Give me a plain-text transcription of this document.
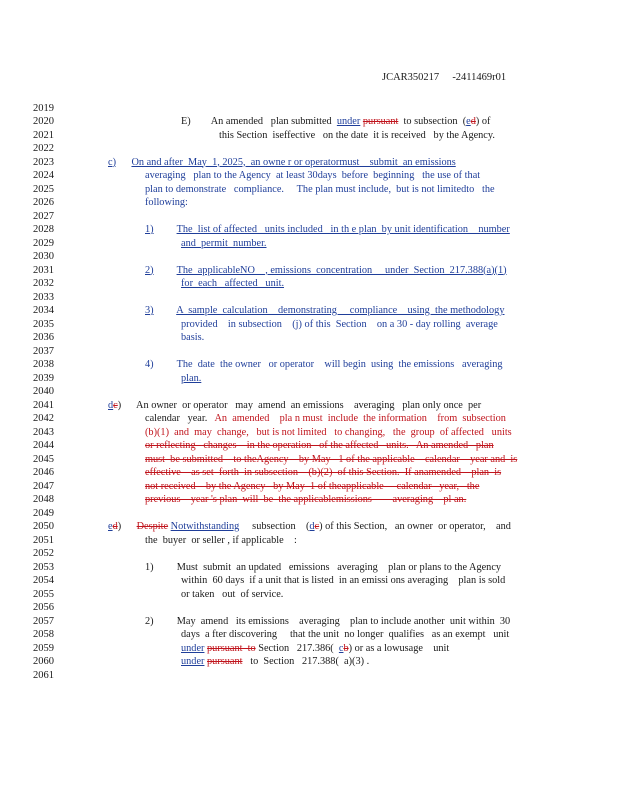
JCAR350217 -2411469r01
2019
2020
2021
2022
2023
2024
2025
2026
2027
2028
2029
2030
2031
2032
2033
2034
2035
2036
2037
2038
2039
2040
2041
2042
2043
2044
2045
2046
2047
2048
2049
2050
2051
2052
2053
2054
2055
2056
2057
2058
2059
2060
2061
E)        An amended   plan submitted  under pursuant  to subsection  (ed) of
this Section  iseffective   on the date  it is received   by the Agency.
c) On and after  May  1, 2025,  an owne r or operatormust    submit  an emissions
averaging   plan to the Agency  at least 30days  before  beginning   the use of that
plan to demonstrate   compliance.     The plan must include,  but is not limitedto   the
following:
1) The  list of affected   units included   in th e plan  by unit identification    number
and  permit  number.
2) The  applicableNO    , emissions  concentration     under  Section  217.388(a)(1)
for  each   affected   unit.
3) A  sample  calculation    demonstrating     compliance    using  the methodology
provided    in subsection    (j) of this  Section    on a 30 - day rolling  average
basis.
4) The  date  the owner   or operator    will begin  using  the emissions   averaging
plan.
dc)      An owner  or operator   may  amend  an emissions    averaging   plan only once  per
calendar   year.   An  amended    pla n must  include  the information    from  subsection
(b)(1)  and  may  change,   but is not limited   to changing,   the  group  of affected   units
or reflecting   changes    in the operation   of the affected   units.   An amended   plan
must  be submitted    to theAgency    by May   1 of the applicable    calendar    year and  is
effective    as set  forth  in subsection    (b)(2)  of this Section.  If anamended    plan  is
not received    by the Agency   by May  1 of theapplicable     calendar   year,   the
previous    year 's plan  will  be  the applicablemissions        averaging    pl an.
ed)      Despite Notwithstanding     subsection    (dc) of this Section,   an owner  or operator,    and
the  buyer  or seller , if applicable    :
1)         Must  submit  an updated   emissions   averaging    plan or plans to the Agency
within  60 days  if a unit that is listed  in an emissi ons averaging    plan is sold
or taken   out  of service.
2)         May  amend   its emissions    averaging    plan to include another  unit within  30
days  a fter discovering     that the unit  no longer  qualifies   as an exempt   unit
under pursuant  to Section   217.386(  cb) or as a lowusage    unit
under pursuant   to  Section   217.388(  a)(3) .
